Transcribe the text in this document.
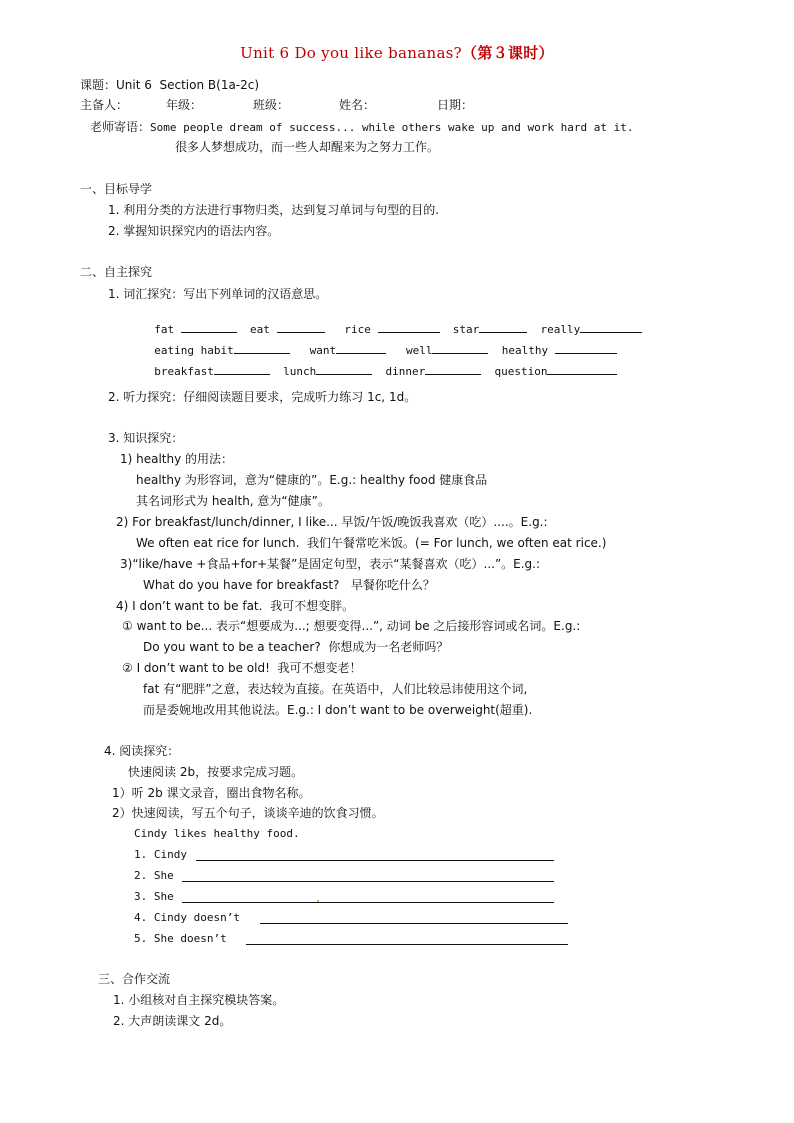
Unit 6 Do you like bananas?（第３课时）
课题：Unit 6  Section B(1a-2c)
主备人：	年级：	班级：	姓名：	日期：
老师寄语：Some people dream of success... while others wake up and work hard at it.
很多人梦想成功，而一些人却醒来为之努力工作。
一、目标导学
1. 利用分类的方法进行事物归类，达到复习单词与句型的目的.
2. 掌握知识探究内的语法内容。
二、自主探究
1. 词汇探究：写出下列单词的汉语意思。

fat	eat	rice	star	really

eating habit	want	well	healthy

breakfast	lunch	dinner	question

2. 听力探究：仔细阅读题目要求，完成听力练习 1c, 1d。
3. 知识探究：
1) healthy 的用法：
healthy 为形容词，意为“健康的”。E.g.: healthy food 健康食品
其名词形式为 health, 意为“健康”。
2) For breakfast/lunch/dinner, I like... 早饭/午饭/晚饭我喜欢（吃）....。E.g.:
We often eat rice for lunch.  我们午餐常吃米饭。(= For lunch, we often eat rice.)
3)“like/have +食品+for+某餐”是固定句型，表示“某餐喜欢（吃）...”。E.g.:
What do you have for breakfast?   早餐你吃什么？
4) I don’t want to be fat.  我可不想变胖。
① want to be... 表示“想要成为...; 想要变得...”, 动词 be 之后接形容词或名词。E.g.:
Do you want to be a teacher?  你想成为一名老师吗？
② I don’t want to be old!  我可不想变老！
fat 有“肥胖”之意，表达较为直接。在英语中，人们比较忌讳使用这个词,
而是委婉地改用其他说法。E.g.: I don’t want to be overweight(超重).
4. 阅读探究：
快速阅读 2b，按要求完成习题。
1）听 2b 课文录音，圈出食物名称。
2）快速阅读，写五个句子，谈谈辛迪的饮食习惯。
Cindy likes healthy food.
1. Cindy
2. She
3. She
4. Cindy doesn’t
5. She doesn’t
三、合作交流
1. 小组核对自主探究模块答案。
2. 大声朗读课文 2d。
